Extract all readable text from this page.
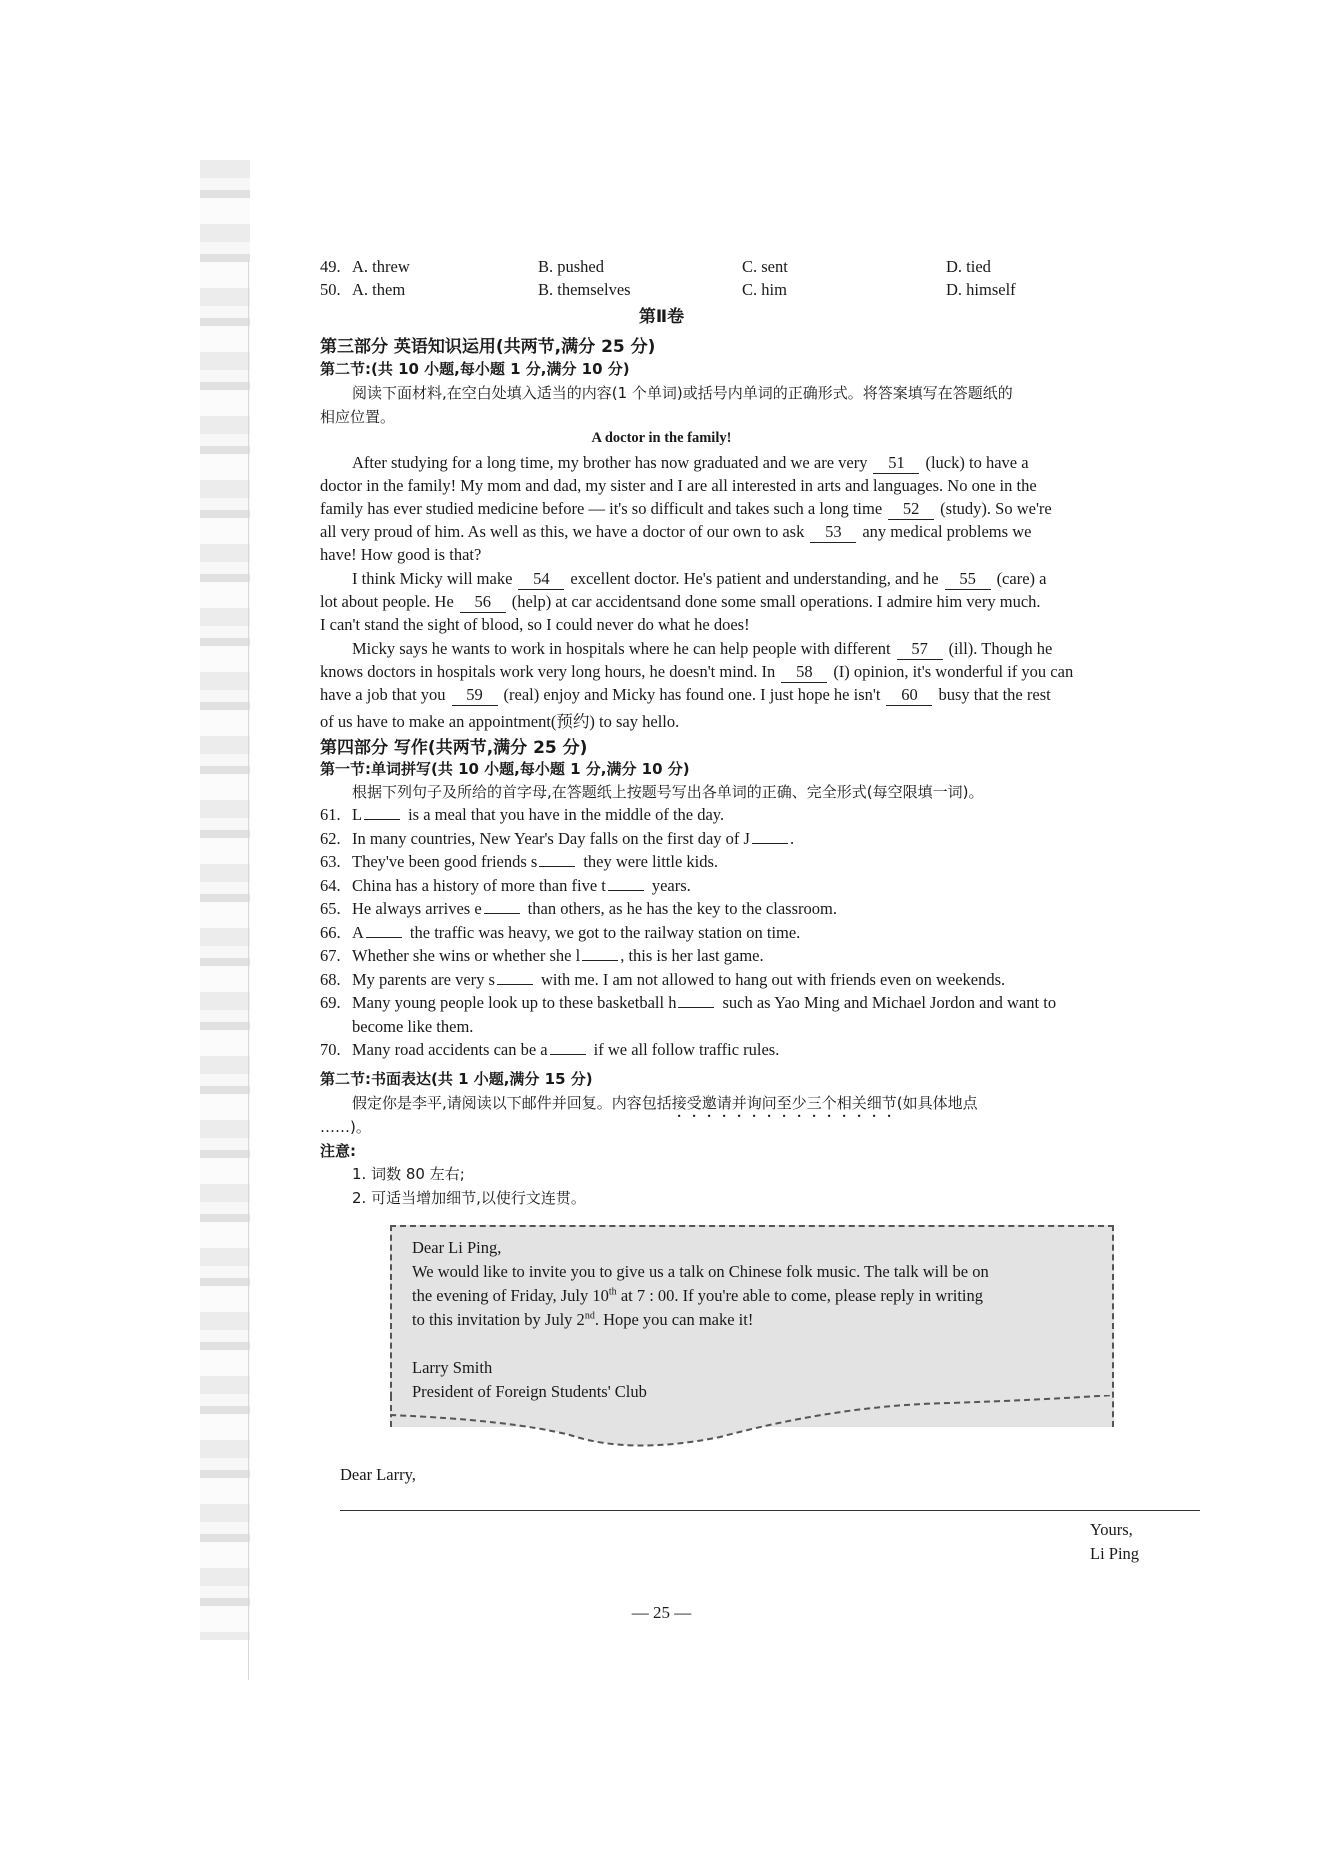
49. A. threw	B. pushed	C. sent	D. tied
50. A. them	B. themselves	C. him	D. himself
第Ⅱ卷
第三部分 英语知识运用(共两节,满分 25 分)
第二节:(共 10 小题,每小题 1 分,满分 10 分)
阅读下面材料,在空白处填入适当的内容(1 个单词)或括号内单词的正确形式。将答案填写在答题纸的
相应位置。
A doctor in the family!
After studying for a long time, my brother has now graduated and we are very 51 (luck) to have a
doctor in the family! My mom and dad, my sister and I are all interested in arts and languages. No one in the
family has ever studied medicine before — it's so difficult and takes such a long time 52 (study). So we're
all very proud of him. As well as this, we have a doctor of our own to ask 53 any medical problems we
have! How good is that?
I think Micky will make 54 excellent doctor. He's patient and understanding, and he 55 (care) a
lot about people. He 56 (help) at car accidentsand done some small operations. I admire him very much.
I can't stand the sight of blood, so I could never do what he does!
Micky says he wants to work in hospitals where he can help people with different 57 (ill). Though he
knows doctors in hospitals work very long hours, he doesn't mind. In 58 (I) opinion, it's wonderful if you can
have a job that you 59 (real) enjoy and Micky has found one. I just hope he isn't 60 busy that the rest
of us have to make an appointment(预约) to say hello.
第四部分 写作(共两节,满分 25 分)
第一节:单词拼写(共 10 小题,每小题 1 分,满分 10 分)
根据下列句子及所给的首字母,在答题纸上按题号写出各单词的正确、完全形式(每空限填一词)。
61. L	is a meal that you have in the middle of the day.
62. In many countries, New Year's Day falls on the first day of J .
63. They've been good friends s	they were little kids.
64. China has a history of more than five t	years.
65. He always arrives e	than others, as he has the key to the classroom.
66. A	the traffic was heavy, we got to the railway station on time.
67. Whether she wins or whether she l , this is her last game.
68. My parents are very s	with me. I am not allowed to hang out with friends even on weekends.
69. Many young people look up to these basketball h	such as Yao Ming and Michael Jordon and want to
become like them.
70. Many road accidents can be a	if we all follow traffic rules.
第二节:书面表达(共 1 小题,满分 15 分)
假定你是李平,请阅读以下邮件并回复。内容包括接受邀请并询问至少三个相关细节(如具体地点
……)。
注意:
1. 词数 80 左右;
2. 可适当增加细节,以使行文连贯。
Dear Li Ping,
We would like to invite you to give us a talk on Chinese folk music. The talk will be on
the evening of Friday, July 10th at 7 : 00. If you're able to come, please reply in writing
to this invitation by July 2nd. Hope you can make it!
Larry Smith
President of Foreign Students' Club
Dear Larry,
Yours,
Li Ping
— 25 —
